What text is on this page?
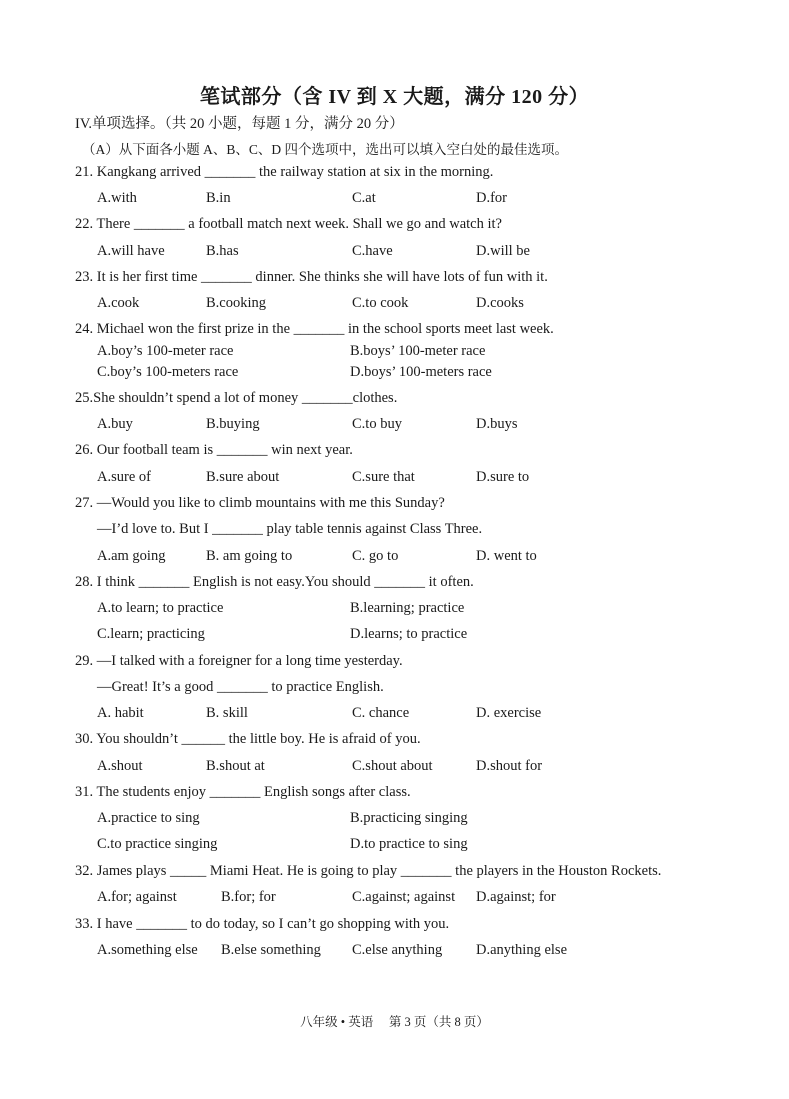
笔试部分（含 IV 到 X 大题，满分 120 分）
IV.单项选择。（共 20 小题，每题 1 分，满分 20 分）
（A）从下面各小题 A、B、C、D 四个选项中，选出可以填入空白处的最佳选项。
21. Kangkang arrived _______ the railway station at six in the morning.
A.with	B.in	C.at	D.for
22. There _______ a football match next week. Shall we go and watch it?
A.will have	B.has	C.have	D.will be
23. It is her first time _______ dinner. She thinks she will have lots of fun with it.
A.cook	B.cooking	C.to cook	D.cooks
24. Michael won the first prize in the _______ in the school sports meet last week.
A.boy’s 100-meter race	B.boys’ 100-meter race
C.boy’s 100-meters race	D.boys’ 100-meters race
25.She shouldn’t spend a lot of money _______clothes.
A.buy	B.buying	C.to buy	D.buys
26. Our football team is _______ win next year.
A.sure of	B.sure about	C.sure that	D.sure to
27. —Would you like to climb mountains with me this Sunday?
—I’d love to. But I _______ play table tennis against Class Three.
A.am going	B. am going to	C. go to	D. went to
28. I think _______ English is not easy.You should _______ it often.
A.to learn; to practice	B.learning; practice
C.learn; practicing	D.learns; to practice
29. —I talked with a foreigner for a long time yesterday.
—Great! It’s a good _______ to practice English.
A. habit	B. skill	C. chance	D. exercise
30. You shouldn’t ______ the little boy. He is afraid of you.
A.shout	B.shout at	C.shout about	D.shout for
31. The students enjoy _______ English songs after class.
A.practice to sing	B.practicing singing
C.to practice singing	D.to practice to sing
32. James plays _____ Miami Heat. He is going to play _______ the players in the Houston Rockets.
A.for; against	B.for; for	C.against; against D.against; for
33. I have _______ to do today, so I can’t go shopping with you.
A.something else B.else something C.else anything D.anything else
八年级 • 英语　 第 3 页（共 8 页）
